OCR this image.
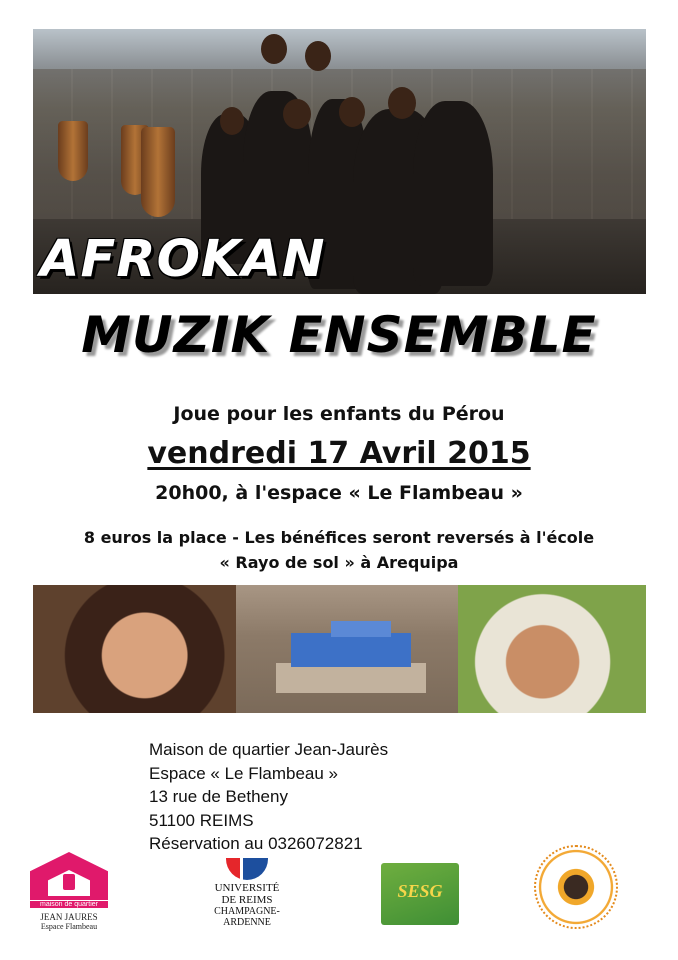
AFROKAN
MUZIK ENSEMBLE
Joue pour les enfants du Pérou
vendredi 17 Avril 2015
20h00, à l'espace « Le Flambeau »
8 euros la place - Les bénéfices seront reversés à l'école
« Rayo de sol » à Arequipa
Maison de quartier Jean-Jaurès
Espace « Le Flambeau »
13 rue de Betheny
51100 REIMS
Réservation au 0326072821
maison de quartier
JEAN JAURES
Espace Flambeau
UNIVERSITÉ
DE REIMS
CHAMPAGNE-ARDENNE
SESG
